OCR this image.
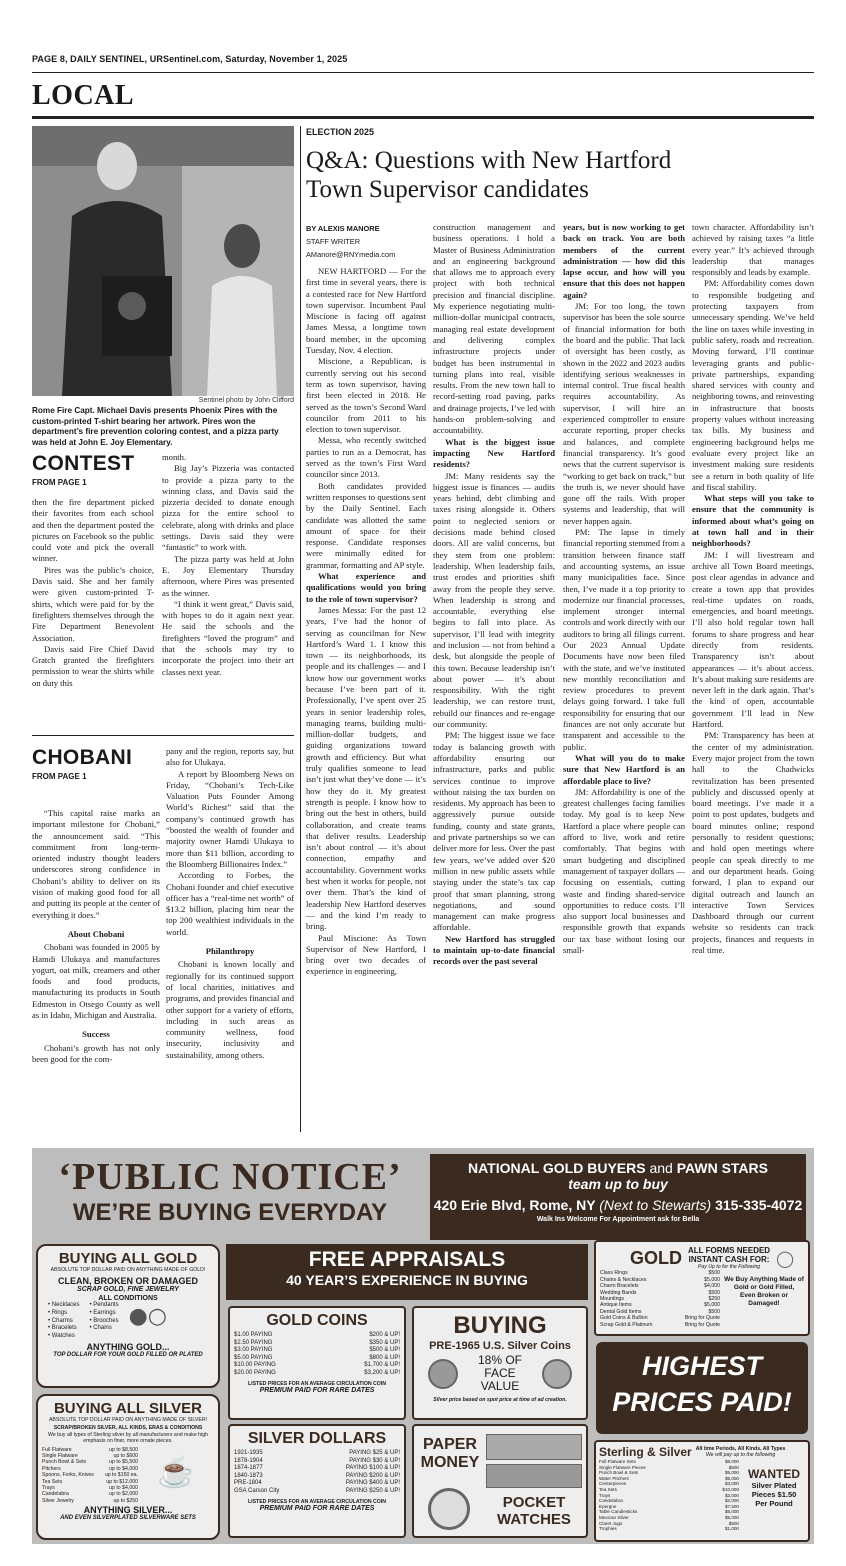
PAGE 8, DAILY SENTINEL, URSentinel.com, Saturday, November 1, 2025
LOCAL
Sentinel photo by John Clifford
Rome Fire Capt. Michael Davis presents Phoenix Pires with the custom-printed T-shirt bearing her artwork. Pires won the department’s fire prevention coloring contest, and a pizza party was held at John E. Joy Elementary.
CONTEST
FROM PAGE 1

then the fire department picked their favorites from each school and then the department posted the pictures on Facebook so the public could vote and pick the overall winner.

Pires was the public’s choice, Davis said. She and her family were given custom-printed T-shirts, which were paid for by the firefighters themselves through the Fire Department Benevolent Association.

Davis said Fire Chief David Gratch granted the firefighters permission to wear the shirts while on duty this

month.

Big Jay’s Pizzeria was contacted to provide a pizza party to the winning class, and Davis said the pizzeria decided to donate enough pizza for the entire school to celebrate, along with drinks and place settings. Davis said they were “fantastic” to work with.

The pizza party was held at John E. Joy Elementary Thursday afternoon, where Pires was presented as the winner.

“I think it went great,” Davis said, with hopes to do it again next year. He said the schools and the firefighters “loved the program” and that the schools may try to incorporate the project into their art classes next year.

CHOBANI
FROM PAGE 1

“This capital raise marks an important milestone for Chobani,” the announcement said. “This commitment from long-term-oriented industry thought leaders underscores strong confidence in Chobani’s ability to deliver on its vision of making good food for all and putting its people at the center of everything it does.”

About Chobani

Chobani was founded in 2005 by Hamdi Ulukaya and manufactures yogurt, oat milk, creamers and other foods and food products, manufacturing its products in South Edmeston in Otsego County as well as in Idaho, Michigan and Australia.

Success

Chobani’s growth has not only been good for the com-

pany and the region, reports say, but also for Ulukaya.

A report by Bloomberg News on Friday, “Chobani’s Tech-Like Valuation Puts Founder Among World’s Richest” said that the company’s continued growth has “boosted the wealth of founder and majority owner Hamdi Ulukaya to more than $11 billion, according to the Bloomberg Billionaires Index.”

According to Forbes, the Chobani founder and chief executive officer has a “real-time net worth” of $13.2 billion, placing him near the top 200 wealthiest individuals in the world.

Philanthropy

Chobani is known locally and regionally for its continued support of local charities, initiatives and programs, and provides financial and other support for a variety of efforts, including in such areas as community wellness, food insecurity, inclusivity and sustainability, among others.

ELECTION 2025
Q&A: Questions with New Hartford Town Supervisor candidates
BY ALEXIS MANORE
STAFF WRITER
AManore@RNYmedia.com

NEW HARTFORD — For the first time in several years, there is a contested race for New Hartford town supervisor. Incumbent Paul Miscione is facing off against James Messa, a longtime town board member, in the upcoming Tuesday, Nov. 4 election.

Miscione, a Republican, is currently serving out his second term as town supervisor, having first been elected in 2018. He served as the town’s Second Ward councilor from 2011 to his election to town supervisor.

Messa, who recently switched parties to run as a Democrat, has served as the town’s First Ward councilor since 2013.

Both candidates provided written responses to questions sent by the Daily Sentinel. Each candidate was allotted the same amount of space for their response. Candidate responses were minimally edited for grammar, formatting and AP style.

What experience and qualifications would you bring to the role of town supervisor?

James Messa: For the past 12 years, I’ve had the honor of serving as councilman for New Hartford’s Ward 1. I know this town — its neighborhoods, its people and its challenges — and I know how our government works because I’ve been part of it. Professionally, I’ve spent over 25 years in senior leadership roles, managing teams, building multi-million-dollar budgets, and guiding organizations toward growth and efficiency. But what truly qualifies someone to lead isn’t just what they’ve done — it’s how they do it. My greatest strength is people. I know how to bring out the best in others, build collaboration, and create teams that deliver results. Leadership isn’t about control — it’s about connection, empathy and accountability. Government works best when it works for people, not over them. That’s the kind of leadership New Hartford deserves — and the kind I’m ready to bring.

Paul Miscione: As Town Supervisor of New Hartford, I bring over two decades of experience in engineering,

construction management and business operations. I hold a Master of Business Administration and an engineering background that allows me to approach every project with both technical precision and financial discipline. My experience negotiating multi-million-dollar municipal contracts, managing real estate development and delivering complex infrastructure projects under budget has been instrumental in turning plans into real, visible results. From the new town hall to record-setting road paving, parks and drainage projects, I’ve led with hands-on problem-solving and accountability.

What is the biggest issue impacting New Hartford residents?

JM: Many residents say the biggest issue is finances — audits years behind, debt climbing and taxes rising alongside it. Others point to neglected seniors or decisions made behind closed doors. All are valid concerns, but they stem from one problem: leadership. When leadership fails, trust erodes and priorities shift away from the people they serve. When leadership is strong and accountable, everything else begins to fall into place. As supervisor, I’ll lead with integrity and inclusion — not from behind a desk, but alongside the people of this town. Because leadership isn’t about power — it’s about responsibility. With the right leadership, we can restore trust, rebuild our finances and re-engage our community.

PM: The biggest issue we face today is balancing growth with affordability ensuring our infrastructure, parks and public services continue to improve without raising the tax burden on residents. My approach has been to aggressively pursue outside funding, county and state grants, and private partnerships so we can deliver more for less. Over the past few years, we’ve added over $20 million in new public assets while staying under the state’s tax cap proof that smart planning, strong negotiations, and sound management can make progress affordable.

New Hartford has struggled to maintain up-to-date financial records over the past several

years, but is now working to get back on track. You are both members of the current administration — how did this lapse occur, and how will you ensure that this does not happen again?

JM: For too long, the town supervisor has been the sole source of financial information for both the board and the public. That lack of oversight has been costly, as shown in the 2022 and 2023 audits identifying serious weaknesses in internal control. True fiscal health requires accountability. As supervisor, I will hire an experienced comptroller to ensure accurate reporting, proper checks and balances, and complete financial transparency. It’s good news that the current supervisor is “working to get back on track,” but the truth is, we never should have gone off the rails. With proper systems and leadership, that will never happen again.

PM: The lapse in timely financial reporting stemmed from a transition between finance staff and accounting systems, an issue many municipalities face. Since then, I’ve made it a top priority to modernize our financial processes, implement stronger internal controls and work directly with our auditors to bring all filings current. Our 2023 Annual Update Documents have now been filed with the state, and we’ve instituted new monthly reconciliation and review procedures to prevent delays going forward. I take full responsibility for ensuring that our finances are not only accurate but transparent and accessible to the public.

What will you do to make sure that New Hartford is an affordable place to live?

JM: Affordability is one of the greatest challenges facing families today. My goal is to keep New Hartford a place where people can afford to live, work and retire comfortably. That begins with smart budgeting and disciplined management of taxpayer dollars — focusing on essentials, cutting waste and finding shared-service opportunities to reduce costs. I’ll also support local businesses and responsible growth that expands our tax base without losing our small-

town character. Affordability isn’t achieved by raising taxes “a little every year.” It’s achieved through leadership that manages responsibly and leads by example.

PM: Affordability comes down to responsible budgeting and protecting taxpayers from unnecessary spending. We’ve held the line on taxes while investing in public safety, roads and recreation. Moving forward, I’ll continue leveraging grants and public-private partnerships, expanding shared services with county and neighboring towns, and reinvesting in infrastructure that boosts property values without increasing tax bills. My business and engineering background helps me evaluate every project like an investment making sure residents see a return in both quality of life and fiscal stability.

What steps will you take to ensure that the community is informed about what’s going on at town hall and in their neighborhoods?

JM: I will livestream and archive all Town Board meetings, post clear agendas in advance and create a town app that provides real-time updates on roads, emergencies, and board meetings. I’ll also hold regular town hall forums to share progress and hear directly from residents. Transparency isn’t about appearances — it’s about access. It’s about making sure residents are never left in the dark again. That’s the kind of open, accountable government I’ll lead in New Hartford.

PM: Transparency has been at the center of my administration. Every major project from the town hall to the Chadwicks revitalization has been presented publicly and discussed openly at board meetings. I’ve made it a point to post updates, budgets and board minutes online; respond personally to resident questions; and hold open meetings where people can speak directly to me and our department heads. Going forward, I plan to expand our digital outreach and launch an interactive Town Services Dashboard through our current website so residents can track projects, finances and requests in real time.

‘PUBLIC NOTICE’
WE’RE BUYING EVERYDAY
NATIONAL GOLD BUYERS and PAWN STARS
team up to buy
420 Erie Blvd, Rome, NY (Next to Stewarts) 315-335-4072
Walk Ins Welcome For Appointment ask for Bella
BUYING ALL GOLD
ABSOLUTE TOP DOLLAR PAID ON ANYTHING MADE OF GOLD!
CLEAN, BROKEN OR DAMAGED
SCRAP GOLD, FINE JEWELRY
ALL CONDITIONS
• Necklaces
• Rings
• Charms
• Bracelets
• Watches
• Pendants
• Earrings
• Brooches
• Chains ●○
ANYTHING GOLD...
TOP DOLLAR FOR YOUR GOLD FILLED OR PLATED
BUYING ALL SILVER
ABSOLUTE TOP DOLLAR PAID ON ANYTHING MADE OF SILVER!
SCRAP/BROKEN SILVER, ALL KINDS, ERAS & CONDITIONS
We buy all types of Sterling silver by all manufacturers and make high emphasis on finer, more ornate pieces.
Full Flatware	up to $8,500
Single Flatware	up to $600
Punch Bowl & Sets	up to $5,500
Pitchers	up to $4,000
Spoons, Forks, Knives up to $150 ea.
Tea Sets	up to $12,000
Trays	up to $4,000
Candelabra	up to $2,000
Silver Jewelry	up to $250
☕
ANYTHING SILVER...
AND EVEN SILVERPLATED SILVERWARE SETS
FREE APPRAISALS
40 YEAR’S EXPERIENCE IN BUYING
GOLD COINS
$1.00 PAYING	$200 & UP!
$2.50 PAYING	$350 & UP!
$3.00 PAYING	$500 & UP!
$5.00 PAYING	$800 & UP!
$10.00 PAYING	$1,700 & UP!
$20.00 PAYING	$3,200 & UP!
LISTED PRICES FOR AN AVERAGE CIRCULATION COIN
PREMIUM PAID FOR RARE DATES
BUYING
PRE-1965 U.S. Silver Coins
18% OF
FACE
VALUE
Silver price based on spot price at time of ad creation.
SILVER DOLLARS
1921-1935	PAYING $25 & UP!
1878-1904	PAYING $30 & UP!
1874-1877	PAYING $100 & UP!
1840-1873	PAYING $200 & UP!
PRE-1804	PAYING $400 & UP!
GSA Carson City	PAYING $250 & UP!
LISTED PRICES FOR AN AVERAGE CIRCULATION COIN
PREMIUM PAID FOR RARE DATES
PAPER MONEY
POCKET WATCHES
GOLD ALL FORMS NEEDED
INSTANT CASH FOR:
Pay Up to for the Following ◯
Class Rings	$500
Chains & Necklaces	$5,000
Charm Bracelets	$4,000
Wedding Bands	$500
Mountings	$250
Antique Items	$5,000
Dental Gold Items	$500
Gold Coins & Bullion	Bring for Quote
Scrap Gold & Platinum	Bring for Quote
We Buy Anything Made of
Gold or Gold Filled,
Even Broken or Damaged!
HIGHEST
PRICES PAID!
Sterling & Silver All time Periods, All Kinds, All Types
We will pay up to the following
Full Flatware Sets	$8,000
Single Flatware Pieces	$500
Punch Bowl & Sets	$5,000
Water Pitchers	$5,000
Centerpieces	$3,000
Tea Sets	$10,000
Trays	$3,000
Candelabra	$2,000
Epergne	$7,500
Table Candlesticks	$5,000
Mexican Silver	$5,000
Claret Jugs	$500
Trophies	$1,000
WANTED
Silver Plated
Pieces $1.50
Per Pound
